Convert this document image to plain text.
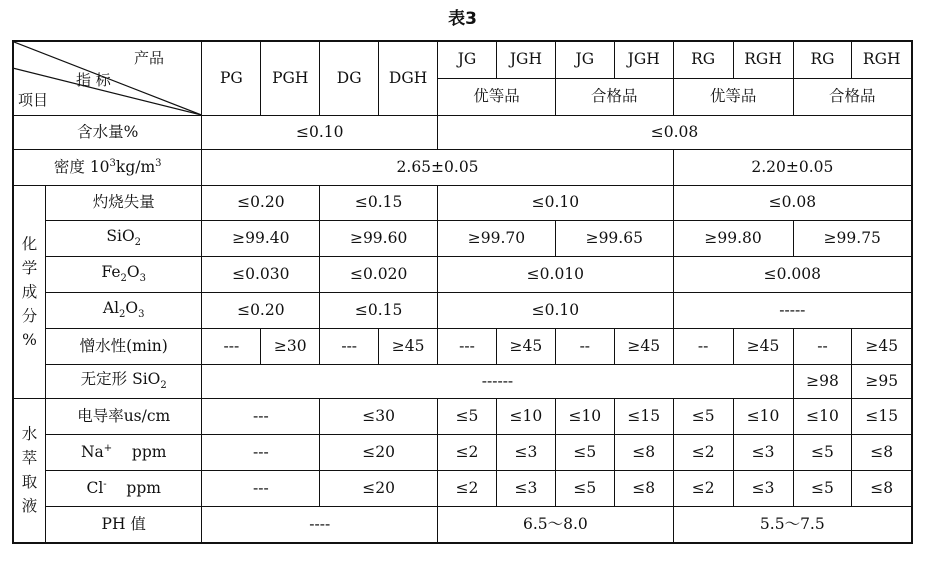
表3
产品
指 标
项目		PG	PGH	DG	DGH	JG	JGH	JG	JGH	RG	RGH	RG	RGH
						优等品		合格品		优等品		合格品	
含水量%		≤0.10				≤0.08							
密度 $10^3kg/m^3$		2.65±0.05								2.20±0.05			

化
学
成
分
%	灼烧失量	≤0.20		≤0.15		≤0.10				≤0.08			
	SiO$_2$	≥99.40		≥99.60		≥99.70		≥99.65		≥99.80		≥99.75	
	$Fe_2O_3$	≤0.030		≤0.020		≤0.010				≤0.008			
	$Al_2O_3$	≤0.20		≤0.15		≤0.10				-----			
	憎水性(min)	---	≥30	---	≥45	---	≥45	--	≥45	--	≥45	--	≥45
	无定形 SiO$_2$	------										≥98	≥95

水
萃
取
液	电导率us/cm	---		≤30		≤5	≤10	≤10	≤15	≤5	≤10	≤10	≤15
	Na+ ppm	---		≤20		≤2	≤3	≤5	≤8	≤2	≤3	≤5	≤8
	Cl- ppm	---		≤20		≤2	≤3	≤5	≤8	≤2	≤3	≤5	≤8
	PH 值	----				6.5～8.0				5.5～7.5			
